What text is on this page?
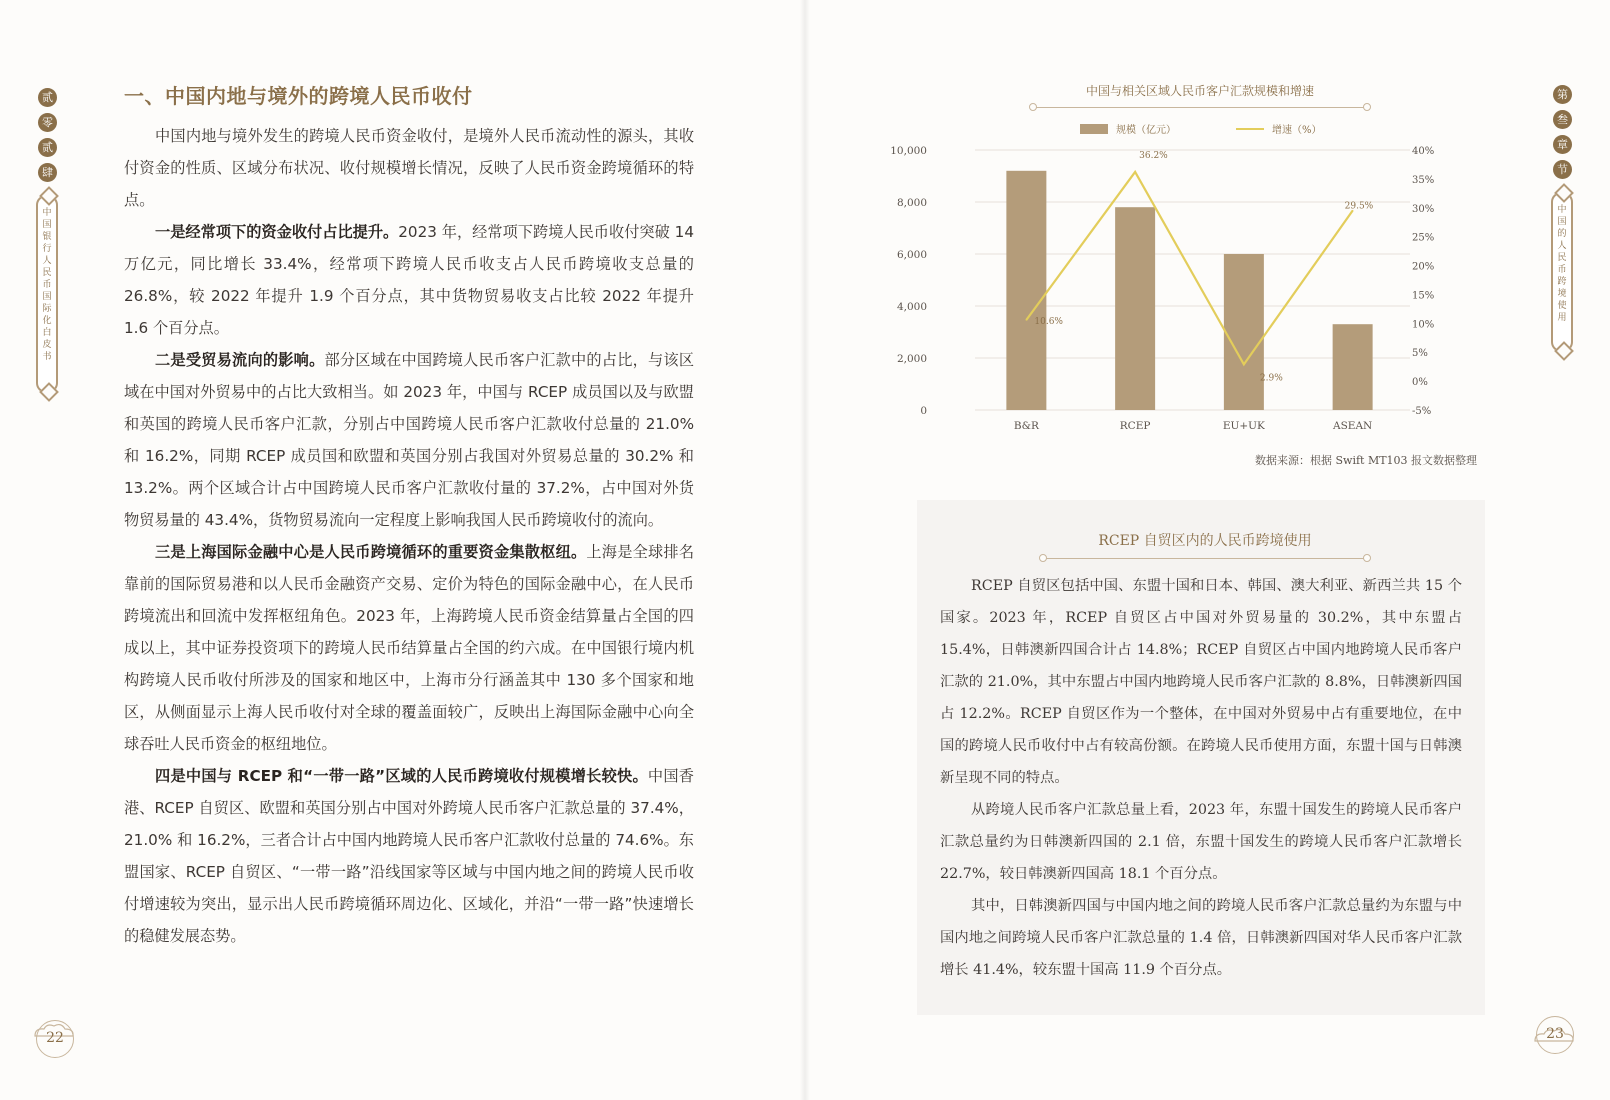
贰
零
贰
肆
中
国
银
行
人
民
币
国
际
化
白
皮
书
22
一、中国内地与境外的跨境人民币收付

中国内地与境外发生的跨境人民币资金收付，是境外人民币流动性的源头，其收付资金的性质、区域分布状况、收付规模增长情况，反映了人民币资金跨境循环的特点。

一是经常项下的资金收付占比提升。2023 年，经常项下跨境人民币收付突破 14 万亿元，同比增长 33.4%，经常项下跨境人民币收支占人民币跨境收支总量的 26.8%，较 2022 年提升 1.9 个百分点，其中货物贸易收支占比较 2022 年提升 1.6 个百分点。

二是受贸易流向的影响。部分区域在中国跨境人民币客户汇款中的占比，与该区域在中国对外贸易中的占比大致相当。如 2023 年，中国与 RCEP 成员国以及与欧盟和英国的跨境人民币客户汇款，分别占中国跨境人民币客户汇款收付总量的 21.0% 和 16.2%，同期 RCEP 成员国和欧盟和英国分别占我国对外贸易总量的 30.2% 和 13.2%。两个区域合计占中国跨境人民币客户汇款收付量的 37.2%，占中国对外货物贸易量的 43.4%，货物贸易流向一定程度上影响我国人民币跨境收付的流向。

三是上海国际金融中心是人民币跨境循环的重要资金集散枢纽。上海是全球排名靠前的国际贸易港和以人民币金融资产交易、定价为特色的国际金融中心，在人民币跨境流出和回流中发挥枢纽角色。2023 年，上海跨境人民币资金结算量占全国的四成以上，其中证券投资项下的跨境人民币结算量占全国的约六成。在中国银行境内机构跨境人民币收付所涉及的国家和地区中，上海市分行涵盖其中 130 多个国家和地区，从侧面显示上海人民币收付对全球的覆盖面较广，反映出上海国际金融中心向全球吞吐人民币资金的枢纽地位。

四是中国与 RCEP 和“一带一路”区域的人民币跨境收付规模增长较快。中国香港、RCEP 自贸区、欧盟和英国分别占中国对外跨境人民币客户汇款总量的 37.4%，21.0% 和 16.2%，三者合计占中国内地跨境人民币客户汇款收付总量的 74.6%。东盟国家、RCEP 自贸区、“一带一路”沿线国家等区域与中国内地之间的跨境人民币收付增速较为突出，显示出人民币跨境循环周边化、区域化，并沿“一带一路”快速增长的稳健发展态势。

第
叁
章
节
中
国
的
人
民
币
跨
境
使
用
23
中国与相关区域人民币客户汇款规模和增速
规模（亿元）	增速（%）
0
2,000
4,000
6,000
8,000
10,000
-5%
0%
5%
10%
15%
20%
25%
30%
35%
40%
B&R	RCEP	EU+UK	ASEAN
10.6%
36.2%
2.9%
29.5%
数据来源：根据 Swift MT103 报文数据整理
RCEP 自贸区内的人民币跨境使用

RCEP 自贸区包括中国、东盟十国和日本、韩国、澳大利亚、新西兰共 15 个国家。2023 年，RCEP 自贸区占中国对外贸易量的 30.2%，其中东盟占 15.4%，日韩澳新四国合计占 14.8%；RCEP 自贸区占中国内地跨境人民币客户汇款的 21.0%，其中东盟占中国内地跨境人民币客户汇款的 8.8%，日韩澳新四国占 12.2%。RCEP 自贸区作为一个整体，在中国对外贸易中占有重要地位，在中国的跨境人民币收付中占有较高份额。在跨境人民币使用方面，东盟十国与日韩澳新呈现不同的特点。

从跨境人民币客户汇款总量上看，2023 年，东盟十国发生的跨境人民币客户汇款总量约为日韩澳新四国的 2.1 倍，东盟十国发生的跨境人民币客户汇款增长 22.7%，较日韩澳新四国高 18.1 个百分点。

其中，日韩澳新四国与中国内地之间的跨境人民币客户汇款总量约为东盟与中国内地之间跨境人民币客户汇款总量的 1.4 倍，日韩澳新四国对华人民币客户汇款增长 41.4%，较东盟十国高 11.9 个百分点。
